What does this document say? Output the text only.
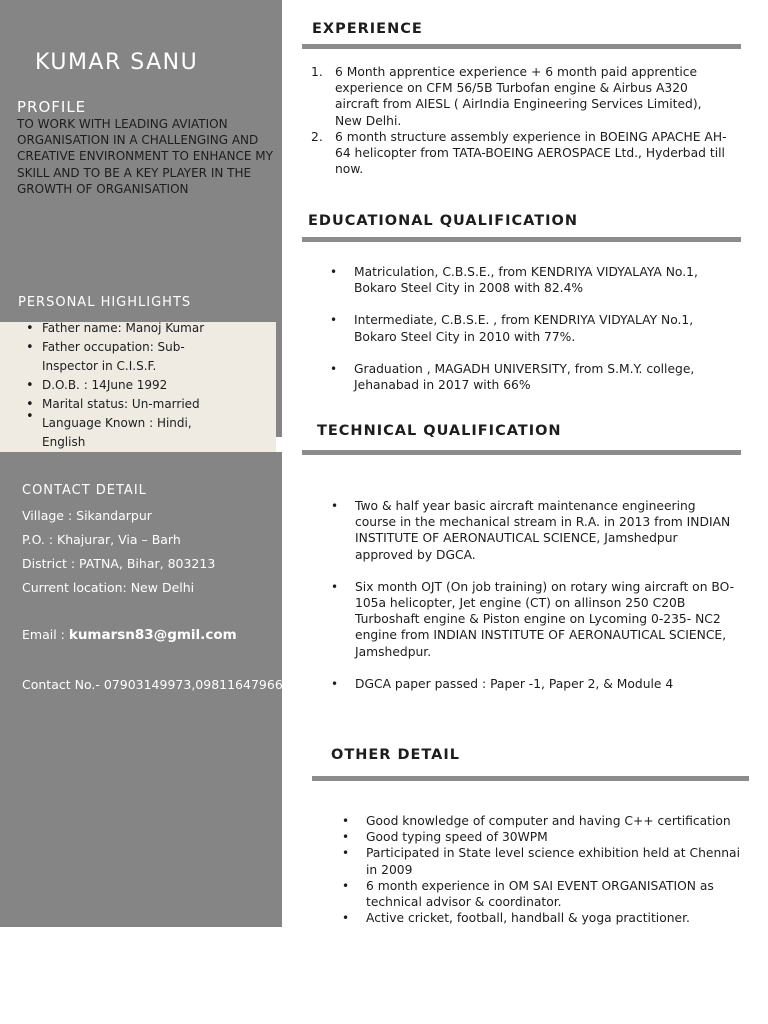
KUMAR SANU
PROFILE
TO WORK WITH LEADING AVIATION ORGANISATION IN A CHALLENGING AND CREATIVE ENVIRONMENT TO ENHANCE MY SKILL AND TO BE A KEY PLAYER IN THE GROWTH OF ORGANISATION
PERSONAL HIGHLIGHTS
• Father name: Manoj Kumar
• Father occupation: Sub-
Inspector in C.I.S.F.
• D.O.B. : 14June 1992
• Marital status: Un-married
• Language Known : Hindi,
English
CONTACT DETAIL
Village : Sikandarpur
P.O. : Khajurar, Via – Barh
District : PATNA, Bihar, 803213
Current location: New Delhi
Email : kumarsn83@gmil.com
Contact No.- 07903149973,09811647966
EXPERIENCE
1. 6 Month apprentice experience + 6 month paid apprentice experience on CFM 56/5B Turbofan engine & Airbus A320 aircraft from AIESL ( AirIndia Engineering Services Limited), New Delhi.
2. 6 month structure assembly experience in BOEING APACHE AH-64 helicopter from TATA-BOEING AEROSPACE Ltd., Hyderbad till now.
EDUCATIONAL QUALIFICATION
• Matriculation, C.B.S.E., from KENDRIYA VIDYALAYA No.1, Bokaro Steel City in 2008 with 82.4%
• Intermediate, C.B.S.E. , from KENDRIYA VIDYALAY No.1, Bokaro Steel City in 2010 with 77%.
• Graduation , MAGADH UNIVERSITY, from S.M.Y. college, Jehanabad in 2017 with 66%
TECHNICAL QUALIFICATION
• Two & half year basic aircraft maintenance engineering course in the mechanical stream in R.A. in 2013 from INDIAN INSTITUTE OF AERONAUTICAL SCIENCE, Jamshedpur approved by DGCA.
• Six month OJT (On job training) on rotary wing aircraft on BO-105a helicopter, Jet engine (CT) on allinson 250 C20B Turboshaft engine & Piston engine on Lycoming 0-235- NC2 engine from INDIAN INSTITUTE OF AERONAUTICAL SCIENCE, Jamshedpur.
• DGCA paper passed : Paper -1, Paper 2, & Module 4
OTHER DETAIL
• Good knowledge of computer and having C++ certification
• Good typing speed of 30WPM
• Participated in State level science exhibition held at Chennai in 2009
• 6 month experience in OM SAI EVENT ORGANISATION as technical advisor & coordinator.
• Active cricket, football, handball & yoga practitioner.
